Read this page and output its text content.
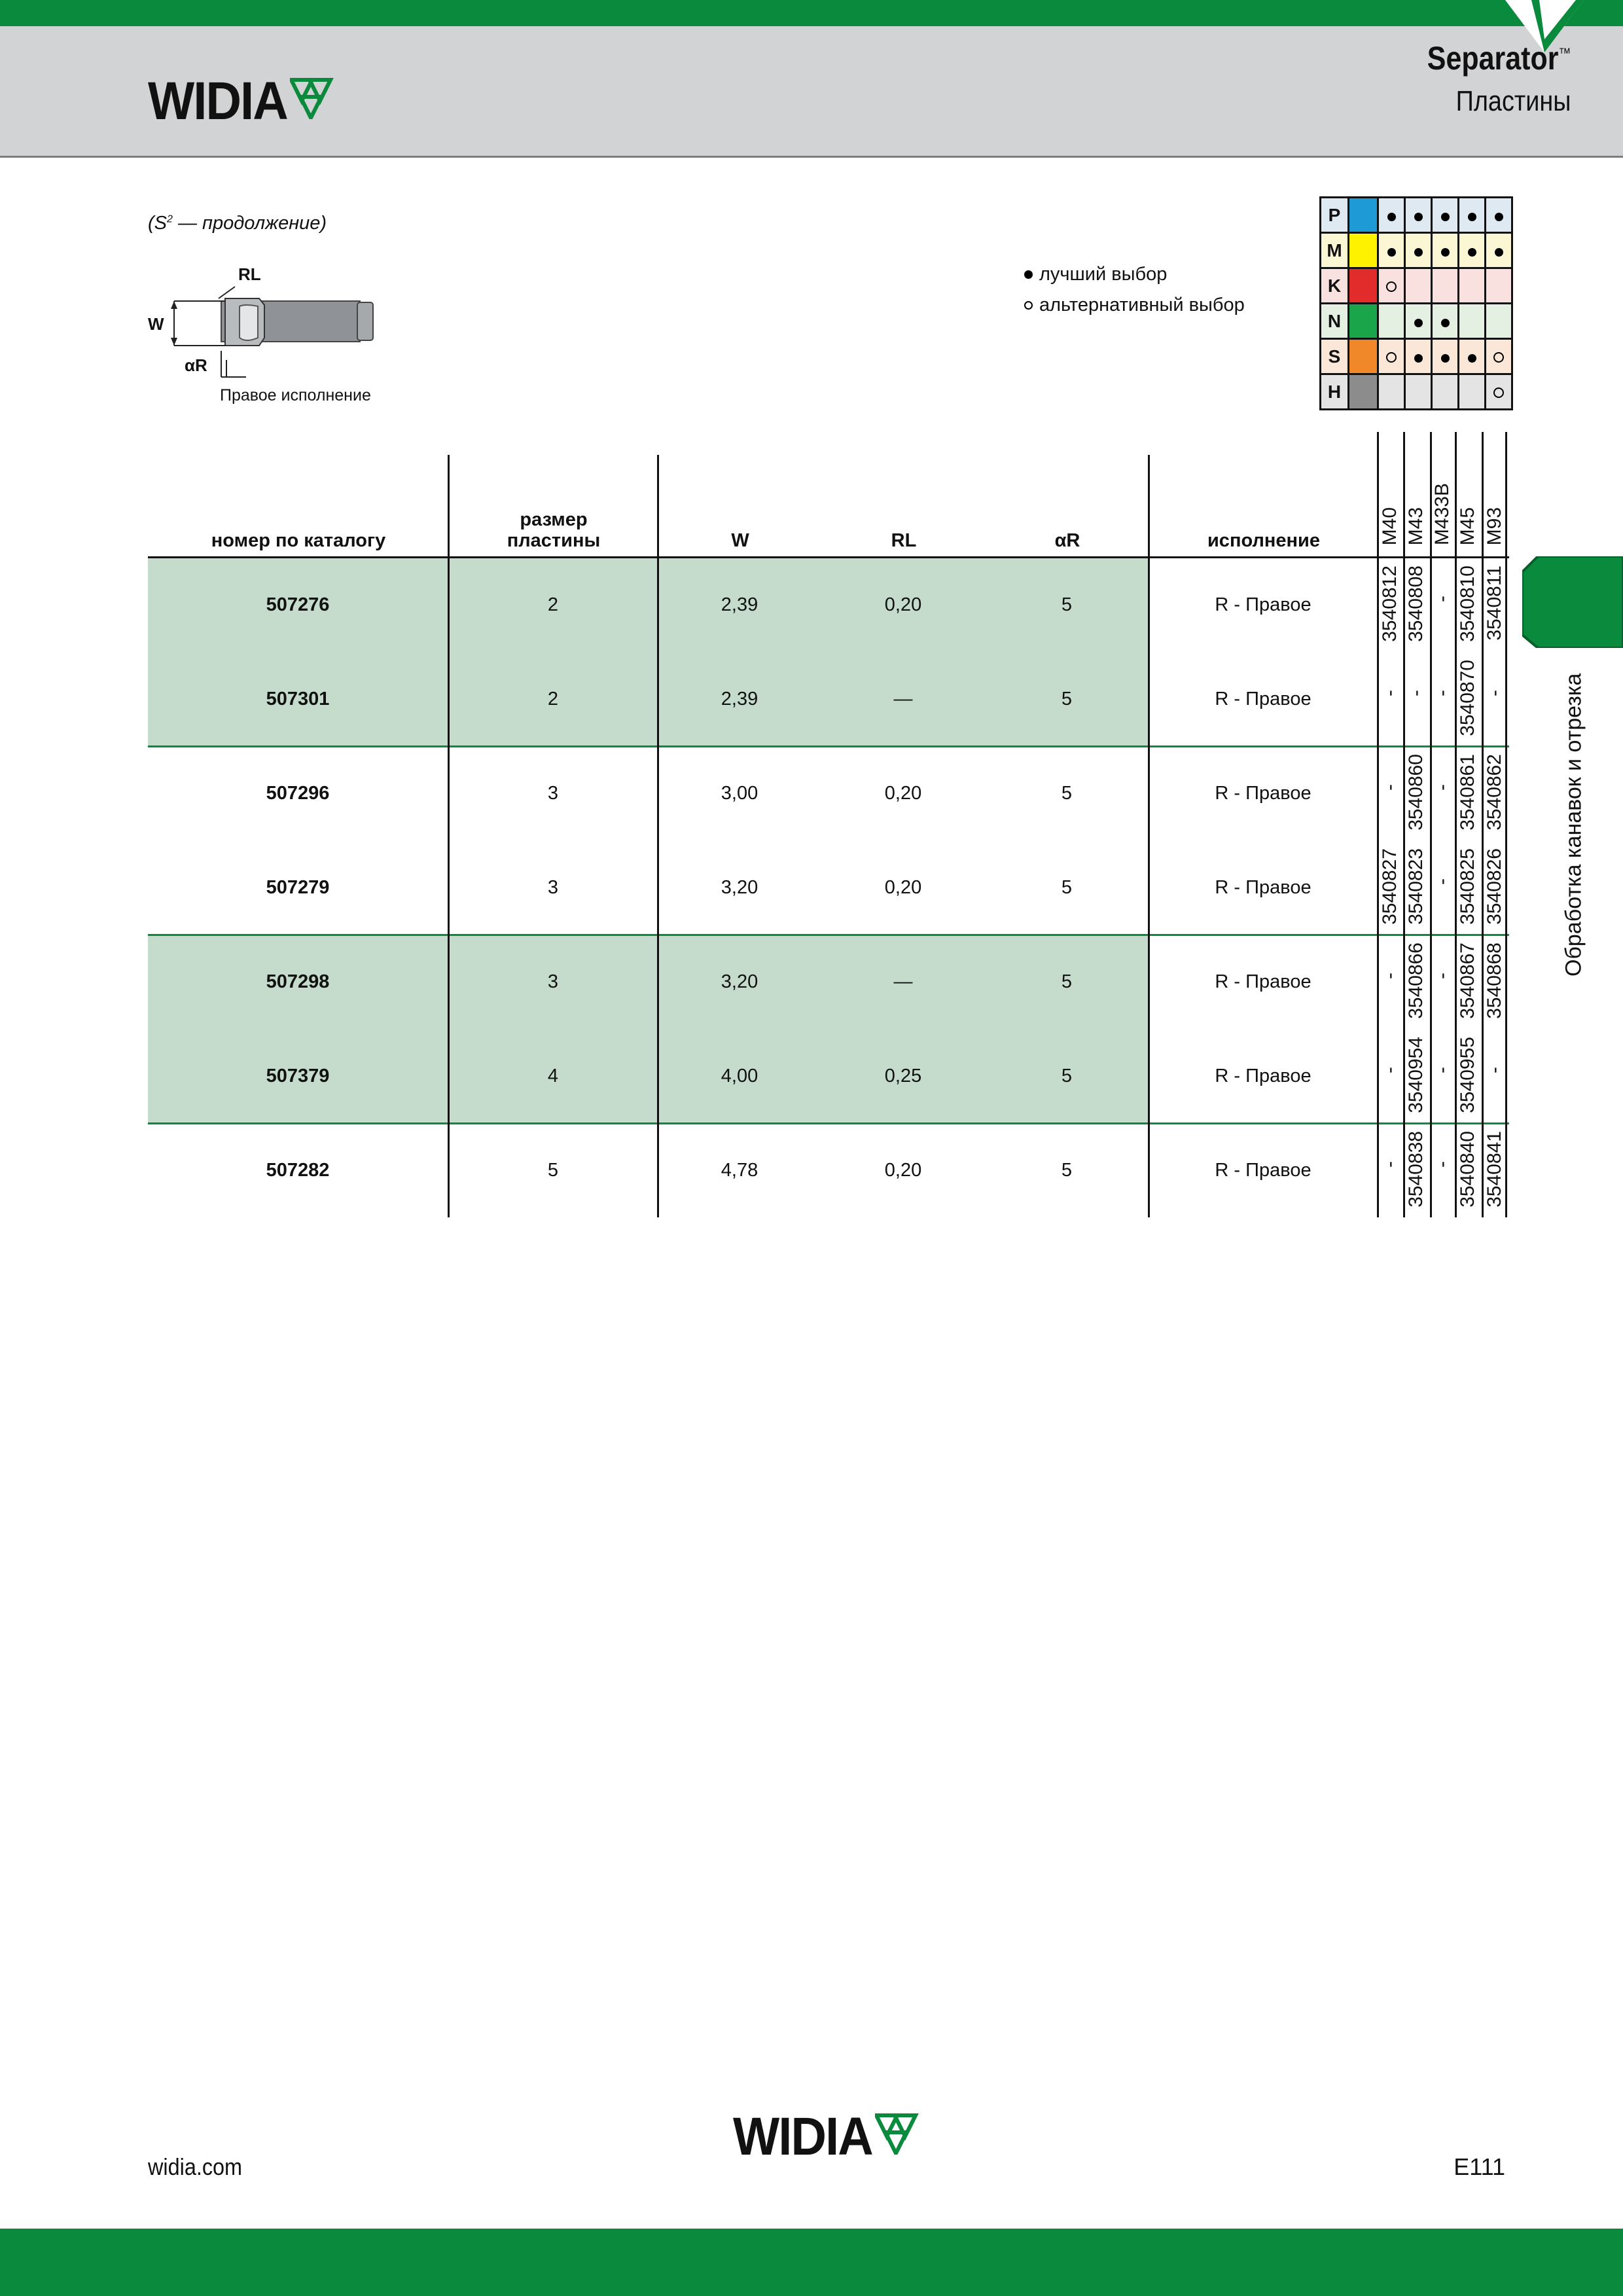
WIDIA
Separator™
Пластины
($S^2$ — продолжение)
RL
W
αR
Правое исполнение
лучший выбор
альтернативный выбор
P						
M						
K						
N						
S						
H						
номер по каталогу
размер
пластины	W	RL	αR	исполнение	M40 M43 M433B M45 M93
507276	2	2,39	0,20	5	R - Правое	3540812 3540808 - 3540810 3540811
507301	2	2,39	—	5	R - Правое	- - - 3540870 -
507296	3	3,00	0,20	5	R - Правое	- 3540860 - 3540861 3540862
507279	3	3,20	0,20	5	R - Правое	3540827 3540823 - 3540825 3540826
507298	3	3,20	—	5	R - Правое	- 3540866 - 3540867 3540868
507379	4	4,00	0,25	5	R - Правое	- 3540954 - 3540955 -
507282	5	4,78	0,20	5	R - Правое	- 3540838 - 3540840 3540841
Обработка канавок и отрезка
widia.com
WIDIA
E111
